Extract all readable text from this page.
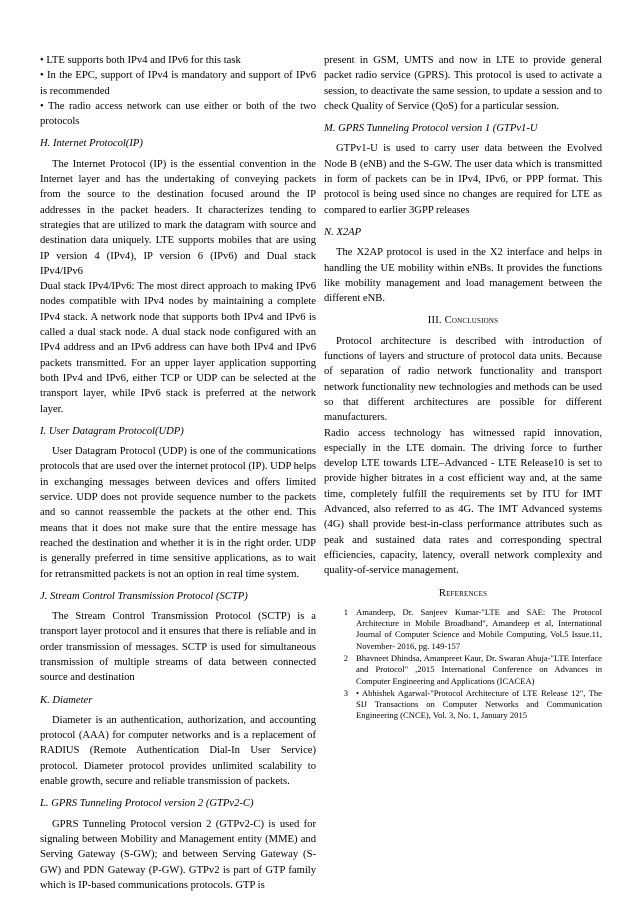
• LTE supports both IPv4 and IPv6 for this task

• In the EPC, support of IPv4 is mandatory and support of IPv6 is recommended

• The radio access network can use either or both of the two protocols

H. Internet Protocol(IP)

The Internet Protocol (IP) is the essential convention in the Internet layer and has the undertaking of conveying packets from the source to the destination focused around the IP addresses in the packet headers. It characterizes tending to strategies that are utilized to mark the datagram with source and destination data uniquely. LTE supports mobiles that are using IP version 4 (IPv4), IP version 6 (IPv6) and Dual stack IPv4/IPv6

Dual stack IPv4/IPv6: The most direct approach to making IPv6 nodes compatible with IPv4 nodes by maintaining a complete IPv4 stack. A network node that supports both IPv4 and IPv6 is called a dual stack node. A dual stack node configured with an IPv4 address and an IPv6 address can have both IPv4 and IPv6 packets transmitted. For an upper layer application supporting both IPv4 and IPv6, either TCP or UDP can be selected at the transport layer, while IPv6 stack is preferred at the network layer.

I. User Datagram Protocol(UDP)

User Datagram Protocol (UDP) is one of the communications protocols that are used over the internet protocol (IP). UDP helps in exchanging messages between devices and offers limited service. UDP does not provide sequence number to the packets and so cannot reassemble the packets at the other end. This means that it does not make sure that the entire message has reached the destination and whether it is in the right order. UDP is generally preferred in time sensitive applications, as to wait for retransmitted packets is not an option in real time system.

J. Stream Control Transmission Protocol (SCTP)

The Stream Control Transmission Protocol (SCTP) is a transport layer protocol and it ensures that there is reliable and in order transmission of messages. SCTP is used for simultaneous transmission of multiple streams of data between connected source and destination

K. Diameter

Diameter is an authentication, authorization, and accounting protocol (AAA) for computer networks and is a replacement of RADIUS (Remote Authentication Dial-In User Service) protocol. Diameter protocol provides unlimited scalability to enable growth, secure and reliable transmission of packets.

L. GPRS Tunneling Protocol version 2 (GTPv2-C)

GPRS Tunneling Protocol version 2 (GTPv2-C) is used for signaling between Mobility and Management entity (MME) and Serving Gateway (S-GW); and between Serving Gateway (S-GW) and PDN Gateway (P-GW). GTPv2 is part of GTP family which is IP-based communications protocols. GTP is

present in GSM, UMTS and now in LTE to provide general packet radio service (GPRS). This protocol is used to activate a session, to deactivate the same session, to update a session and to check Quality of Service (QoS) for a particular session.

M. GPRS Tunneling Protocol version 1 (GTPv1-U

GTPv1-U is used to carry user data between the Evolved Node B (eNB) and the S-GW. The user data which is transmitted in form of packets can be in IPv4, IPv6, or PPP format. This protocol is being used since no changes are required for LTE as compared to earlier 3GPP releases

N. X2AP

The X2AP protocol is used in the X2 interface and helps in handling the UE mobility within eNBs. It provides the functions like mobility management and load management between the different eNB.

III. Conclusions

Protocol architecture is described with introduction of functions of layers and structure of protocol data units. Because of separation of radio network functionality and transport network functionality new technologies and methods can be used so that different architectures are possible for different manufacturers.

Radio access technology has witnessed rapid innovation, especially in the LTE domain. The driving force to further develop LTE towards LTE–Advanced - LTE Release10 is set to provide higher bitrates in a cost efficient way and, at the same time, completely fulfill the requirements set by ITU for IMT Advanced, also referred to as 4G. The IMT Advanced systems (4G) shall provide best-in-class performance attributes such as peak and sustained data rates and corresponding spectral efficiencies, capacity, latency, overall network complexity and quality-of-service management.

References
1 Amandeep, Dr. Sanjeev Kumar-"LTE and SAE: The Protocol Architecture in Mobile Broadband", Amandeep et al, International Journal of Computer Science and Mobile Computing, Vol.5 Issue.11, November- 2016, pg. 149-157
2 Bhavneet Dhindsa, Amanpreet Kaur, Dr. Swaran Ahuja-"LTE Interface and Protocol" ,2015 International Conference on Advances in Computer Engineering and Applications (ICACEA)
3 • Abhishek Agarwal-"Protocol Architecture of LTE Release 12", The SIJ Transactions on Computer Networks and Communication Engineering (CNCE), Vol. 3, No. 1, January 2015
